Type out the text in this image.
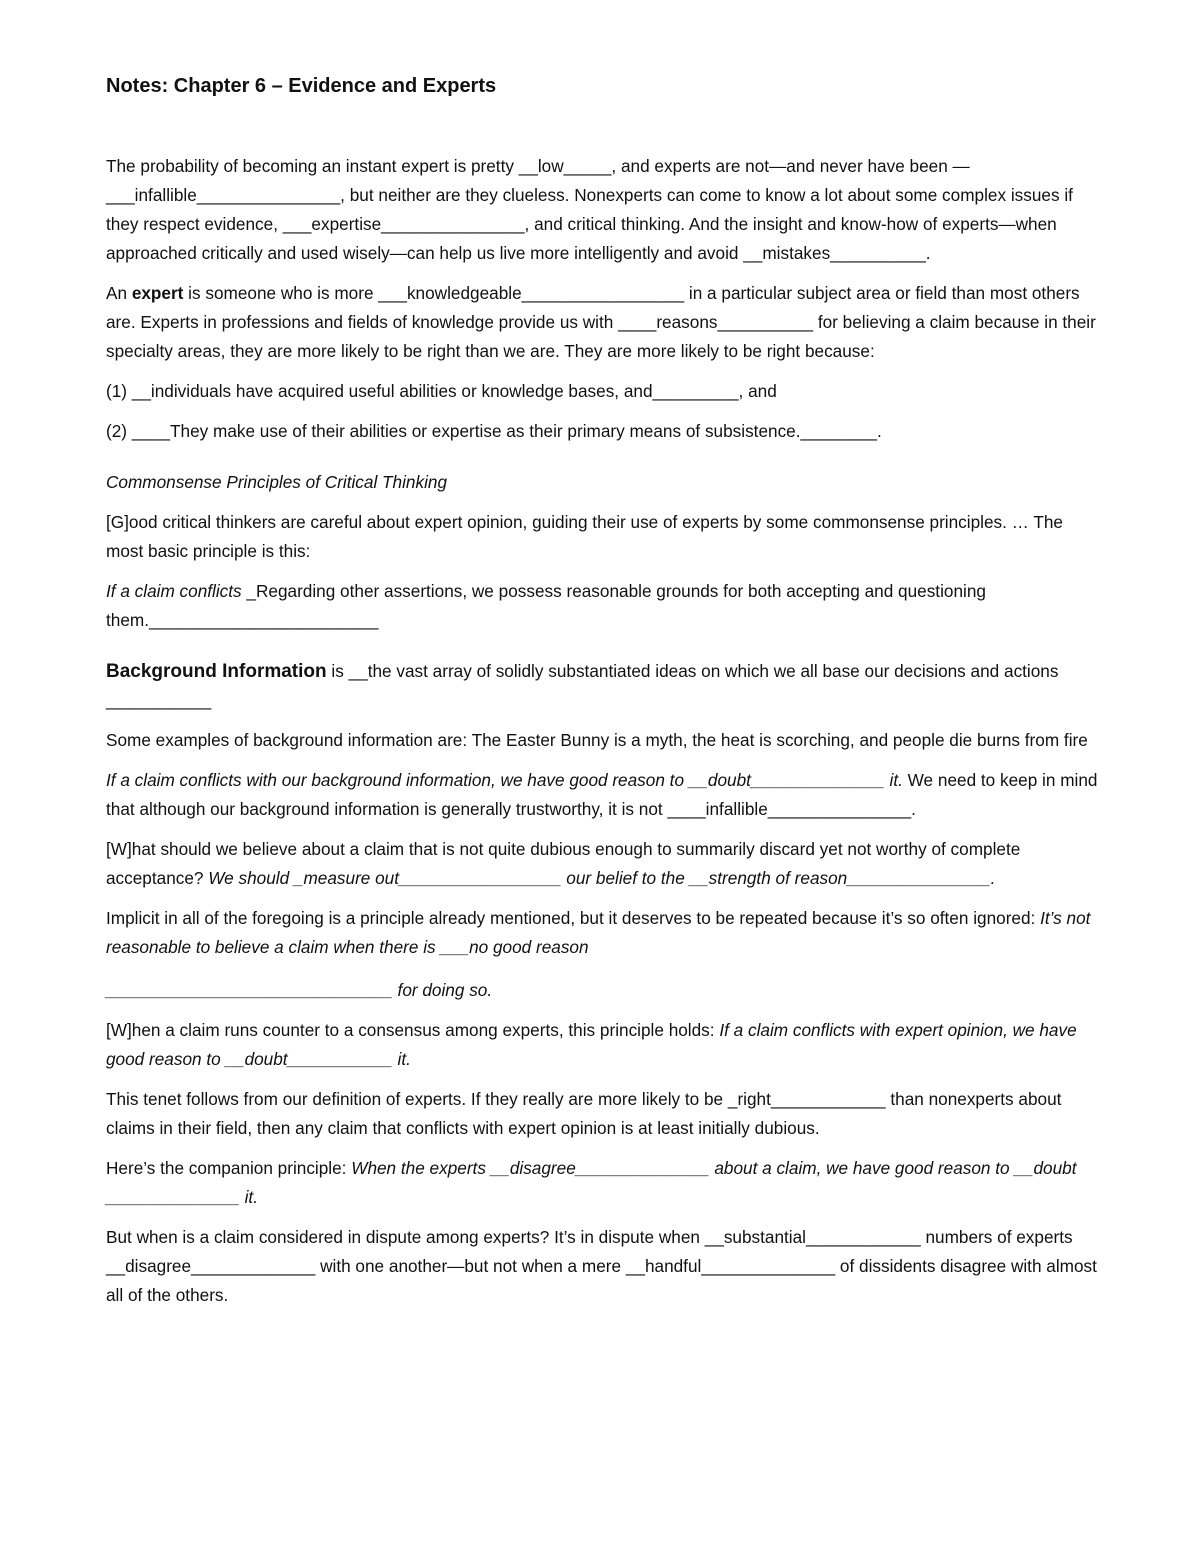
Notes: Chapter 6 – Evidence and Experts

The probability of becoming an instant expert is pretty __low_____, and experts are not—and never have been —___infallible_______________, but neither are they clueless. Nonexperts can come to know a lot about some complex issues if they respect evidence, ___expertise_______________, and critical thinking. And the insight and know-how of experts—when approached critically and used wisely—can help us live more intelligently and avoid __mistakes__________.

An expert is someone who is more ___knowledgeable_________________ in a particular subject area or field than most others are. Experts in professions and fields of knowledge provide us with ____reasons__________ for believing a claim because in their specialty areas, they are more likely to be right than we are. They are more likely to be right because:

(1) __individuals have acquired useful abilities or knowledge bases, and_________, and

(2) ____They make use of their abilities or expertise as their primary means of subsistence.________.

Commonsense Principles of Critical Thinking

[G]ood critical thinkers are careful about expert opinion, guiding their use of experts by some commonsense principles. … The most basic principle is this:

If a claim conflicts _Regarding other assertions, we possess reasonable grounds for both accepting and questioning them.________________________

Background Information is __the vast array of solidly substantiated ideas on which we all base our decisions and actions ___________

Some examples of background information are: The Easter Bunny is a myth, the heat is scorching, and people die burns from fire

If a claim conflicts with our background information, we have good reason to __doubt______________ it. We need to keep in mind that although our background information is generally trustworthy, it is not ____infallible_______________.

[W]hat should we believe about a claim that is not quite dubious enough to summarily discard yet not worthy of complete acceptance? We should _measure out_________________ our belief to the __strength of reason_______________.

Implicit in all of the foregoing is a principle already mentioned, but it deserves to be repeated because it’s so often ignored: It’s not reasonable to believe a claim when there is ___no good reason

______________________________ for doing so.

[W]hen a claim runs counter to a consensus among experts, this principle holds: If a claim conflicts with expert opinion, we have good reason to __doubt___________ it.

This tenet follows from our definition of experts. If they really are more likely to be _right____________ than nonexperts about claims in their field, then any claim that conflicts with expert opinion is at least initially dubious.

Here’s the companion principle: When the experts __disagree______________ about a claim, we have good reason to __doubt ______________ it.

But when is a claim considered in dispute among experts? It’s in dispute when __substantial____________ numbers of experts __disagree_____________ with one another—but not when a mere __handful______________ of dissidents disagree with almost all of the others.
